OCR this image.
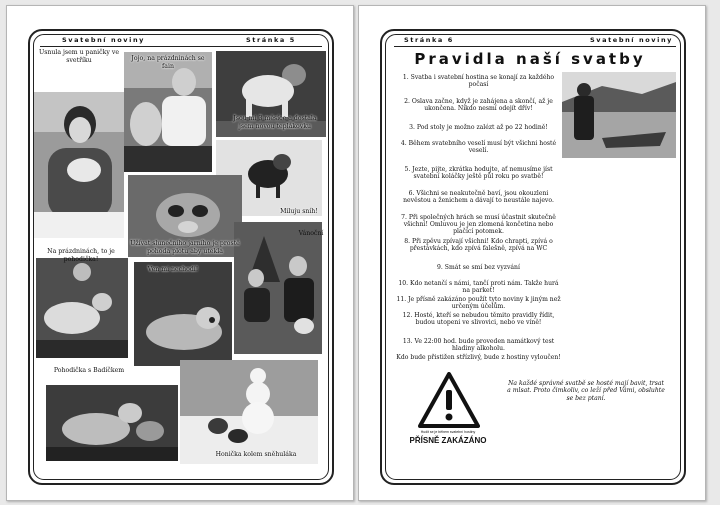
Svatební noviny	Stránka 5
Usnula jsem u paničky ve svetříku	Jojo, na prázdninách se fain
Jsou mi 3 měsíce a dostala jsem novou teplákovku
Miluju sníh!
Užívat slunečního jarního je prostě pohoda plotu aby utekla
Vánoční
Na prázdninách, to je pohodička!
Ven mi nechodí!
Pohodička s Badíčkem
Honička kolem sněhuláka
Stránka 6	Svatební noviny
Pravidla naší svatby
1. Svatba i svatební hostina se konají za každého počasí
2. Oslava začne, když je zahájena a skončí, až je ukončena. Nikdo nesmí odejít dřív!
3. Pod stoly je možno zalézt až po 22 hodině!
4. Během svatebního veselí musí být všichni hosté veselí.
5. Jezte, pijte, zkrátka hodujte, ať nemusíme jíst svatební koláčky ještě půl roku po svatbě!
6. Všichni se neakutečně baví, jsou okouzleni nevěstou a ženichem a dávají to neustále najevo.
7. Při společných hrách se musí účastnit skutečně všichni! Omluvou je jen zlomená končetina nebo plačící potomek.
8. Při zpěvu zpívají všichni! Kdo chrapti, zpívá o přestávkách, kdo zpívá falešně, zpívá na WC
9. Smát se smí bez vyzvání
10. Kdo netančí s námi, tančí proti nám. Takže hurá na parket!
11. Je přísně zakázáno použít tyto noviny k jiným než určeným účelům.
12. Hosté, kteří se nebudou těmito pravidly řídit, budou utopeni ve slivovici, nebo ve víně!
13. Ve 22:00 hod. bude proveden namátkový test hladiny alkoholu.
Kdo bude přistižen střízlivý, bude z hostiny vyloučen!
Hudit se je během svatební hostiny
PŘÍSNĚ ZAKÁZÁNO
Na každé správné svatbě se hosté mají bavit, trsat a mlsat. Proto čimkoliv, co leží před Vámi, obsluhte se bez ptaní.
